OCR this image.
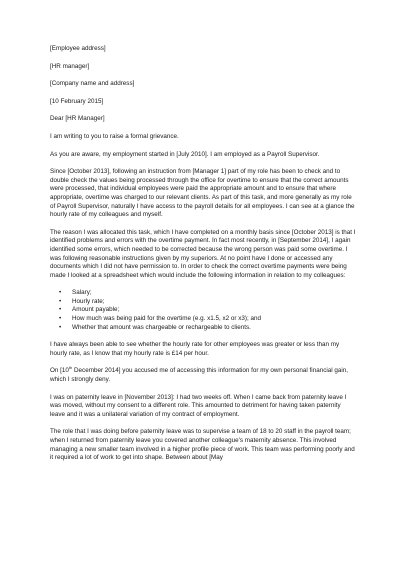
[Employee address]
[HR manager]
[Company name and address]
[10 February 2015]
Dear [HR Manager]
I am writing to you to raise a formal grievance.
As you are aware, my employment started in [July 2010]. I am employed as a Payroll Supervisor.
Since [October 2013], following an instruction from [Manager 1] part of my role has been to check and to double check the values being processed through the office for overtime to ensure that the correct amounts were processed, that individual employees were paid the appropriate amount and to ensure that where appropriate, overtime was charged to our relevant clients. As part of this task, and more generally as my role of Payroll Supervisor, naturally I have access to the payroll details for all employees. I can see at a glance the hourly rate of my colleagues and myself.
The reason I was allocated this task, which I have completed on a monthly basis since [October 2013] is that I identified problems and errors with the overtime payment. In fact most recently, in [September 2014], I again identified some errors, which needed to be corrected because the wrong person was paid some overtime. I was following reasonable instructions given by my superiors. At no point have I done or accessed any documents which I did not have permission to. In order to check the correct overtime payments were being made I looked at a spreadsheet which would include the following information in relation to my colleagues:
• Salary;
• Hourly rate;
• Amount payable;
• How much was being paid for the overtime (e.g. x1.5, x2 or x3); and
• Whether that amount was chargeable or rechargeable to clients.
I have always been able to see whether the hourly rate for other employees was greater or less than my hourly rate, as I know that my hourly rate is £14 per hour.
On [10th December 2014] you accused me of accessing this information for my own personal financial gain, which I strongly deny.
I was on paternity leave in [November 2013]: I had two weeks off. When I came back from paternity leave I was moved, without my consent to a different role. This amounted to detriment for having taken paternity leave and it was a unilateral variation of my contract of employment.
The role that I was doing before paternity leave was to supervise a team of 18 to 20 staff in the payroll team; when I returned from paternity leave you covered another colleague's maternity absence. This involved managing a new smaller team involved in a higher profile piece of work. This team was performing poorly and it required a lot of work to get into shape. Between about [May
